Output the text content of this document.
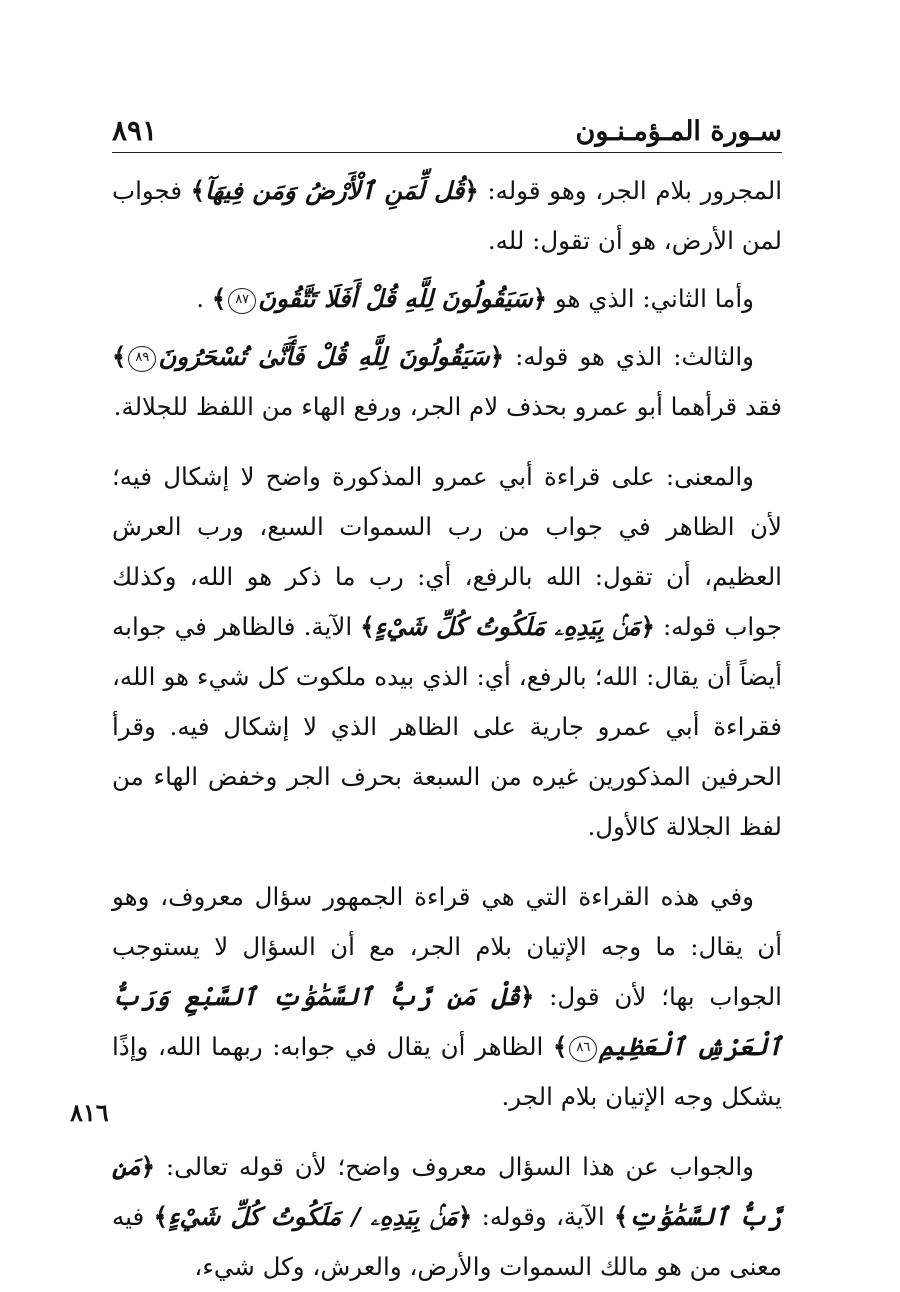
سـورة المـؤمـنـون
٨٩١

المجرور بلام الجر، وهو قوله: ﴿قُل لِّمَنِ ٱلْأَرْضُ وَمَن فِيهَآ﴾ فجواب لمن الأرض، هو أن تقول: لله.

وأما الثاني: الذي هو ﴿سَيَقُولُونَ لِلَّهِ قُلْ أَفَلَا تَتَّقُونَ٨٧﴾ .

والثالث: الذي هو قوله: ﴿سَيَقُولُونَ لِلَّهِ قُلْ فَأَنَّىٰ تُسْحَرُونَ٨٩﴾ فقد قرأهما أبو عمرو بحذف لام الجر، ورفع الهاء من اللفظ للجلالة.

والمعنى: على قراءة أبي عمرو المذكورة واضح لا إشكال فيه؛ لأن الظاهر في جواب من رب السموات السبع، ورب العرش العظيم، أن تقول: الله بالرفع، أي: رب ما ذكر هو الله، وكذلك جواب قوله: ﴿مَنۢ بِيَدِهِۦ مَلَكُوتُ كُلِّ شَيْءٍ﴾ الآية. فالظاهر في جوابه أيضاً أن يقال: الله؛ بالرفع، أي: الذي بيده ملكوت كل شيء هو الله، فقراءة أبي عمرو جارية على الظاهر الذي لا إشكال فيه. وقرأ الحرفين المذكورين غيره من السبعة بحرف الجر وخفض الهاء من لفظ الجلالة كالأول.

وفي هذه القراءة التي هي قراءة الجمهور سؤال معروف، وهو أن يقال: ما وجه الإتيان بلام الجر، مع أن السؤال لا يستوجب الجواب بها؛ لأن قول: ﴿قُلْ مَن رَّبُّ ٱلسَّمَٰوَٰتِ ٱلسَّبْعِ وَرَبُّ ٱلْعَرْشِ ٱلْعَظِيمِ٨٦﴾ الظاهر أن يقال في جوابه: ربهما الله، وإذًا يشكل وجه الإتيان بلام الجر.

والجواب عن هذا السؤال معروف واضح؛ لأن قوله تعالى: ﴿مَن رَّبُّ ٱلسَّمَٰوَٰتِ﴾ الآية، وقوله: ﴿مَنۢ بِيَدِهِۦ / مَلَكُوتُ كُلِّ شَيْءٍ﴾ فيه معنى من هو مالك السموات والأرض، والعرش، وكل شيء،

٨١٦
